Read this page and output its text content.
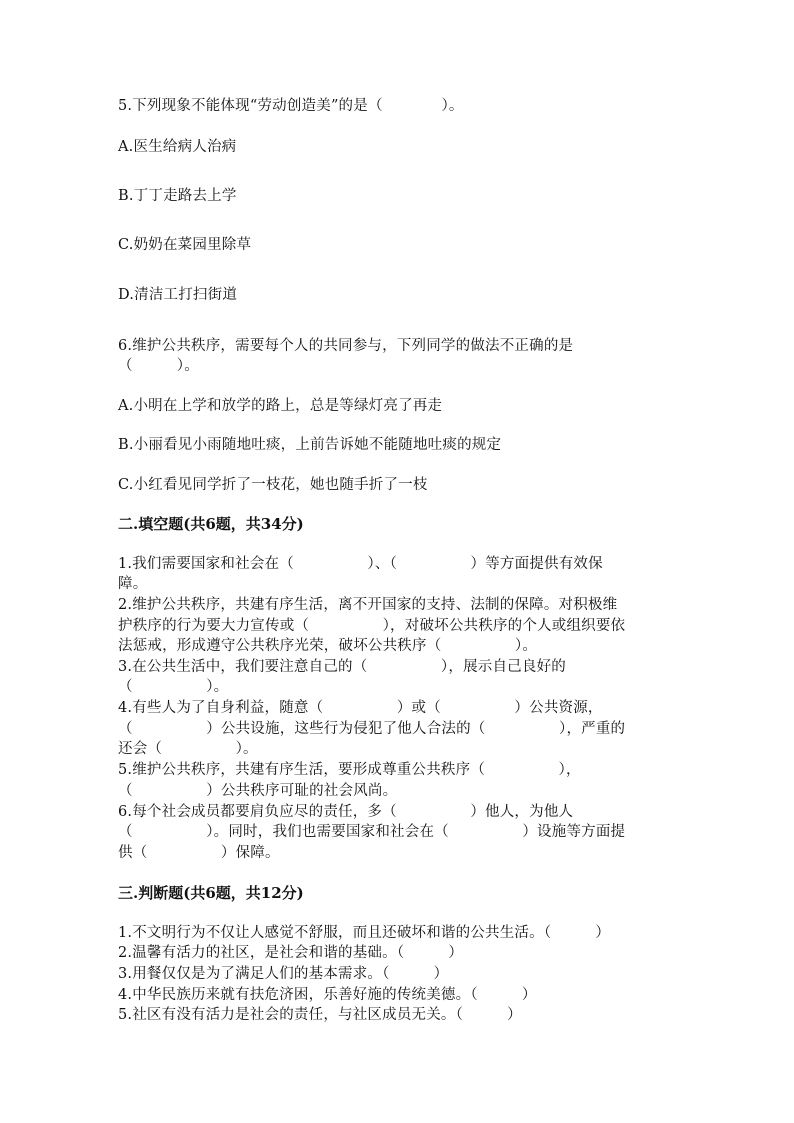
5.下列现象不能体现“劳动创造美”的是（　　　　）。
A.医生给病人治病
B.丁丁走路去上学
C.奶奶在菜园里除草
D.清洁工打扫街道
6.维护公共秩序，需要每个人的共同参与，下列同学的做法不正确的是
（　　　）。
A.小明在上学和放学的路上，总是等绿灯亮了再走
B.小丽看见小雨随地吐痰，上前告诉她不能随地吐痰的规定
C.小红看见同学折了一枝花，她也随手折了一枝
二.填空题(共6题，共34分)
1.我们需要国家和社会在（　　　　　）、（　　　　　）等方面提供有效保
障。
2.维护公共秩序，共建有序生活，离不开国家的支持、法制的保障。对积极维
护秩序的行为要大力宣传或（　　　　　），对破坏公共秩序的个人或组织要依
法惩戒，形成遵守公共秩序光荣，破坏公共秩序（　　　　　）。
3.在公共生活中，我们要注意自己的（　　　　　），展示自己良好的
（　　　　　）。
4.有些人为了自身利益，随意（　　　　　）或（　　　　　）公共资源，
（　　　　　）公共设施，这些行为侵犯了他人合法的（　　　　　），严重的
还会（　　　　　）。
5.维护公共秩序，共建有序生活，要形成尊重公共秩序（　　　　　），
（　　　　　）公共秩序可耻的社会风尚。
6.每个社会成员都要肩负应尽的责任，多（　　　　　）他人，为他人
（　　　　　）。同时，我们也需要国家和社会在（　　　　　）设施等方面提
供（　　　　　）保障。
三.判断题(共6题，共12分)
1.不文明行为不仅让人感觉不舒服，而且还破坏和谐的公共生活。（　　　）
2.温馨有活力的社区，是社会和谐的基础。（　　　）
3.用餐仅仅是为了满足人们的基本需求。（　　　）
4.中华民族历来就有扶危济困，乐善好施的传统美德。（　　　）
5.社区有没有活力是社会的责任，与社区成员无关。（　　　）
